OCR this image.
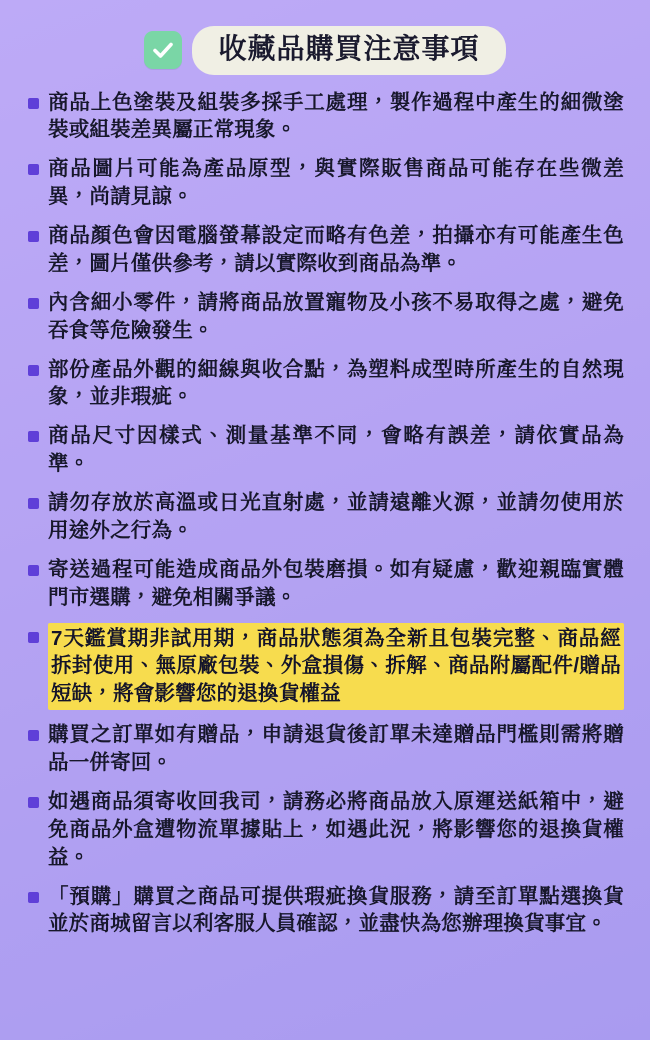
收藏品購買注意事項
商品上色塗裝及組裝多採手工處理，製作過程中產生的細微塗裝或組裝差異屬正常現象。
商品圖片可能為產品原型，與實際販售商品可能存在些微差異，尚請見諒。
商品顏色會因電腦螢幕設定而略有色差，拍攝亦有可能產生色差，圖片僅供參考，請以實際收到商品為準。
內含細小零件，請將商品放置寵物及小孩不易取得之處，避免吞食等危險發生。
部份產品外觀的細線與收合點，為塑料成型時所產生的自然現象，並非瑕疵。
商品尺寸因樣式、測量基準不同，會略有誤差，請依實品為準。
請勿存放於高溫或日光直射處，並請遠離火源，並請勿使用於用途外之行為。
寄送過程可能造成商品外包裝磨損。如有疑慮，歡迎親臨實體門市選購，避免相關爭議。
7天鑑賞期非試用期，商品狀態須為全新且包裝完整、商品經拆封使用、無原廠包裝、外盒損傷、拆解、商品附屬配件/贈品短缺，將會影響您的退換貨權益
購買之訂單如有贈品，申請退貨後訂單未達贈品門檻則需將贈品一併寄回。
如遇商品須寄收回我司，請務必將商品放入原運送紙箱中，避免商品外盒遭物流單據貼上，如遇此況，將影響您的退換貨權益。
「預購」購買之商品可提供瑕疵換貨服務，請至訂單點選換貨並於商城留言以利客服人員確認，並盡快為您辦理換貨事宜。
